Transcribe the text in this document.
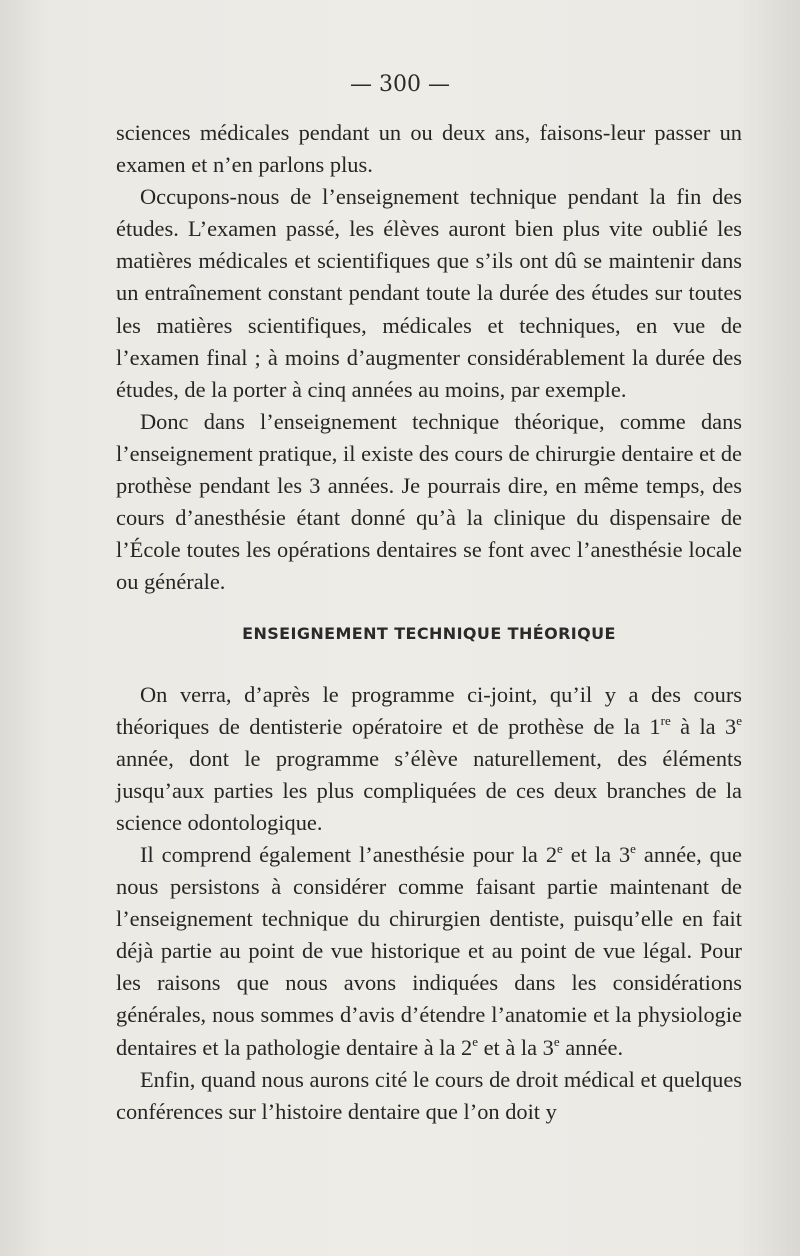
— 300 —

sciences médicales pendant un ou deux ans, faisons-leur passer un examen et n’en parlons plus.

Occupons-nous de l’enseignement technique pendant la fin des études. L’examen passé, les élèves auront bien plus vite oublié les matières médicales et scientifiques que s’ils ont dû se maintenir dans un entraînement constant pendant toute la durée des études sur toutes les matières scientifiques, médicales et techniques, en vue de l’examen final ; à moins d’augmenter considérablement la durée des études, de la porter à cinq années au moins, par exemple.

Donc dans l’enseignement technique théorique, comme dans l’enseignement pratique, il existe des cours de chirurgie dentaire et de prothèse pendant les 3 années. Je pourrais dire, en même temps, des cours d’anesthésie étant donné qu’à la clinique du dispensaire de l’École toutes les opérations dentaires se font avec l’anesthésie locale ou générale.

ENSEIGNEMENT TECHNIQUE THÉORIQUE

On verra, d’après le programme ci-joint, qu’il y a des cours théoriques de dentisterie opératoire et de prothèse de la 1re à la 3e année, dont le programme s’élève naturellement, des éléments jusqu’aux parties les plus compliquées de ces deux branches de la science odontologique.

Il comprend également l’anesthésie pour la 2e et la 3e année, que nous persistons à considérer comme faisant partie maintenant de l’enseignement technique du chirurgien dentiste, puisqu’elle en fait déjà partie au point de vue historique et au point de vue légal. Pour les raisons que nous avons indiquées dans les considérations générales, nous sommes d’avis d’étendre l’anatomie et la physiologie dentaires et la pathologie dentaire à la 2e et à la 3e année.

Enfin, quand nous aurons cité le cours de droit médical et quelques conférences sur l’histoire dentaire que l’on doit y
